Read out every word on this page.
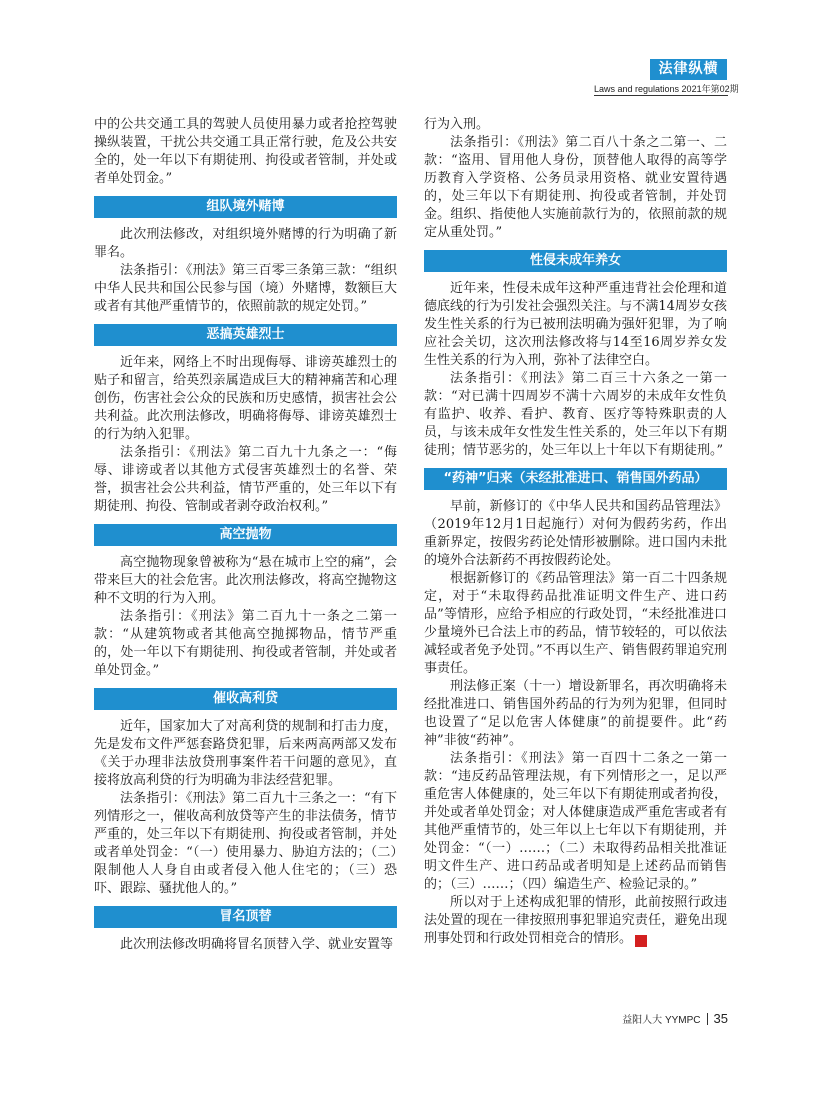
法律纵横
Laws and regulations 2021年第02期

中的公共交通工具的驾驶人员使用暴力或者抢控驾驶操纵装置，干扰公共交通工具正常行驶，危及公共安全的，处一年以下有期徒刑、拘役或者管制，并处或者单处罚金。”

组队境外赌博

此次刑法修改，对组织境外赌博的行为明确了新罪名。

法条指引：《刑法》第三百零三条第三款：“组织中华人民共和国公民参与国（境）外赌博，数额巨大或者有其他严重情节的，依照前款的规定处罚。”

恶搞英雄烈士

近年来，网络上不时出现侮辱、诽谤英雄烈士的贴子和留言，给英烈亲属造成巨大的精神痛苦和心理创伤，伤害社会公众的民族和历史感情，损害社会公共利益。此次刑法修改，明确将侮辱、诽谤英雄烈士的行为纳入犯罪。

法条指引：《刑法》第二百九十九条之一：“侮辱、诽谤或者以其他方式侵害英雄烈士的名誉、荣誉，损害社会公共利益，情节严重的，处三年以下有期徒刑、拘役、管制或者剥夺政治权利。”

高空抛物

高空抛物现象曾被称为“悬在城市上空的痛”，会带来巨大的社会危害。此次刑法修改，将高空抛物这种不文明的行为入刑。

法条指引：《刑法》第二百九十一条之二第一款：“从建筑物或者其他高空抛掷物品，情节严重的，处一年以下有期徒刑、拘役或者管制，并处或者单处罚金。”

催收高利贷

近年，国家加大了对高利贷的规制和打击力度，先是发布文件严惩套路贷犯罪，后来两高两部又发布《关于办理非法放贷刑事案件若干问题的意见》，直接将放高利贷的行为明确为非法经营犯罪。

法条指引：《刑法》第二百九十三条之一：“有下列情形之一，催收高利放贷等产生的非法债务，情节严重的，处三年以下有期徒刑、拘役或者管制，并处或者单处罚金：“（一）使用暴力、胁迫方法的；（二）限制他人人身自由或者侵入他人住宅的；（三）恐吓、跟踪、骚扰他人的。”

冒名顶替

此次刑法修改明确将冒名顶替入学、就业安置等

行为入刑。

法条指引：《刑法》第二百八十条之二第一、二款：“盗用、冒用他人身份，顶替他人取得的高等学历教育入学资格、公务员录用资格、就业安置待遇的，处三年以下有期徒刑、拘役或者管制，并处罚金。组织、指使他人实施前款行为的，依照前款的规定从重处罚。”

性侵未成年养女

近年来，性侵未成年这种严重违背社会伦理和道德底线的行为引发社会强烈关注。与不满14周岁女孩发生性关系的行为已被刑法明确为强奸犯罪，为了响应社会关切，这次刑法修改将与14至16周岁养女发生性关系的行为入刑，弥补了法律空白。

法条指引：《刑法》第二百三十六条之一第一款：“对已满十四周岁不满十六周岁的未成年女性负有监护、收养、看护、教育、医疗等特殊职责的人员，与该未成年女性发生性关系的，处三年以下有期徒刑；情节恶劣的，处三年以上十年以下有期徒刑。”

“药神”归来（未经批准进口、销售国外药品）

早前，新修订的《中华人民共和国药品管理法》（2019年12月1日起施行）对何为假药劣药，作出重新界定，按假劣药论处情形被删除。进口国内未批的境外合法新药不再按假药论处。

根据新修订的《药品管理法》第一百二十四条规定，对于“未取得药品批准证明文件生产、进口药品”等情形，应给予相应的行政处罚，“未经批准进口少量境外已合法上市的药品，情节较轻的，可以依法减轻或者免予处罚。”不再以生产、销售假药罪追究刑事责任。

刑法修正案（十一）增设新罪名，再次明确将未经批准进口、销售国外药品的行为列为犯罪，但同时也设置了“足以危害人体健康”的前提要件。此“药神”非彼“药神”。

法条指引：《刑法》第一百四十二条之一第一款：“违反药品管理法规，有下列情形之一，足以严重危害人体健康的，处三年以下有期徒刑或者拘役，并处或者单处罚金；对人体健康造成严重危害或者有其他严重情节的，处三年以上七年以下有期徒刑，并处罚金：“（一）……；（二）未取得药品相关批准证明文件生产、进口药品或者明知是上述药品而销售的；（三）……；（四）编造生产、检验记录的。”

所以对于上述构成犯罪的情形，此前按照行政违法处置的现在一律按照刑事犯罪追究责任，避免出现刑事处罚和行政处罚相竞合的情形。	文

益阳人大 YYMPC 35
